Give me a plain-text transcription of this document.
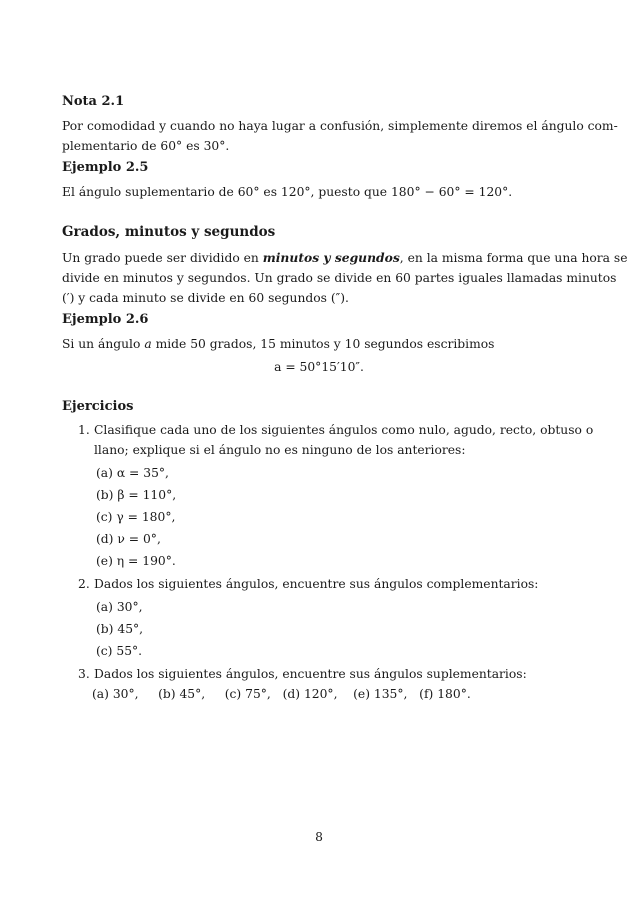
Nota 2.1
Por comodidad y cuando no haya lugar a confusión, simplemente diremos el ángulo com-
plementario de 60° es 30°.
Ejemplo 2.5
El ángulo suplementario de 60° es 120°, puesto que 180° − 60° = 120°.
Grados, minutos y segundos
Un grado puede ser dividido en minutos y segundos, en la misma forma que una hora se
divide en minutos y segundos. Un grado se divide en 60 partes iguales llamadas minutos
(′) y cada minuto se divide en 60 segundos (″).
Ejemplo 2.6
Si un ángulo a mide 50 grados, 15 minutos y 10 segundos escribimos
a = 50°15′10″.
Ejercicios
1. Clasifique cada uno de los siguientes ángulos como nulo, agudo, recto, obtuso o
llano; explique si el ángulo no es ninguno de los anteriores:
(a) α = 35°,
(b) β = 110°,
(c) γ = 180°,
(d) ν = 0°,
(e) η = 190°.
2. Dados los siguientes ángulos, encuentre sus ángulos complementarios:
(a) 30°,
(b) 45°,
(c) 55°.
3. Dados los siguientes ángulos, encuentre sus ángulos suplementarios:
(a) 30°, (b) 45°, (c) 75°, (d) 120°, (e) 135°, (f) 180°.
8
